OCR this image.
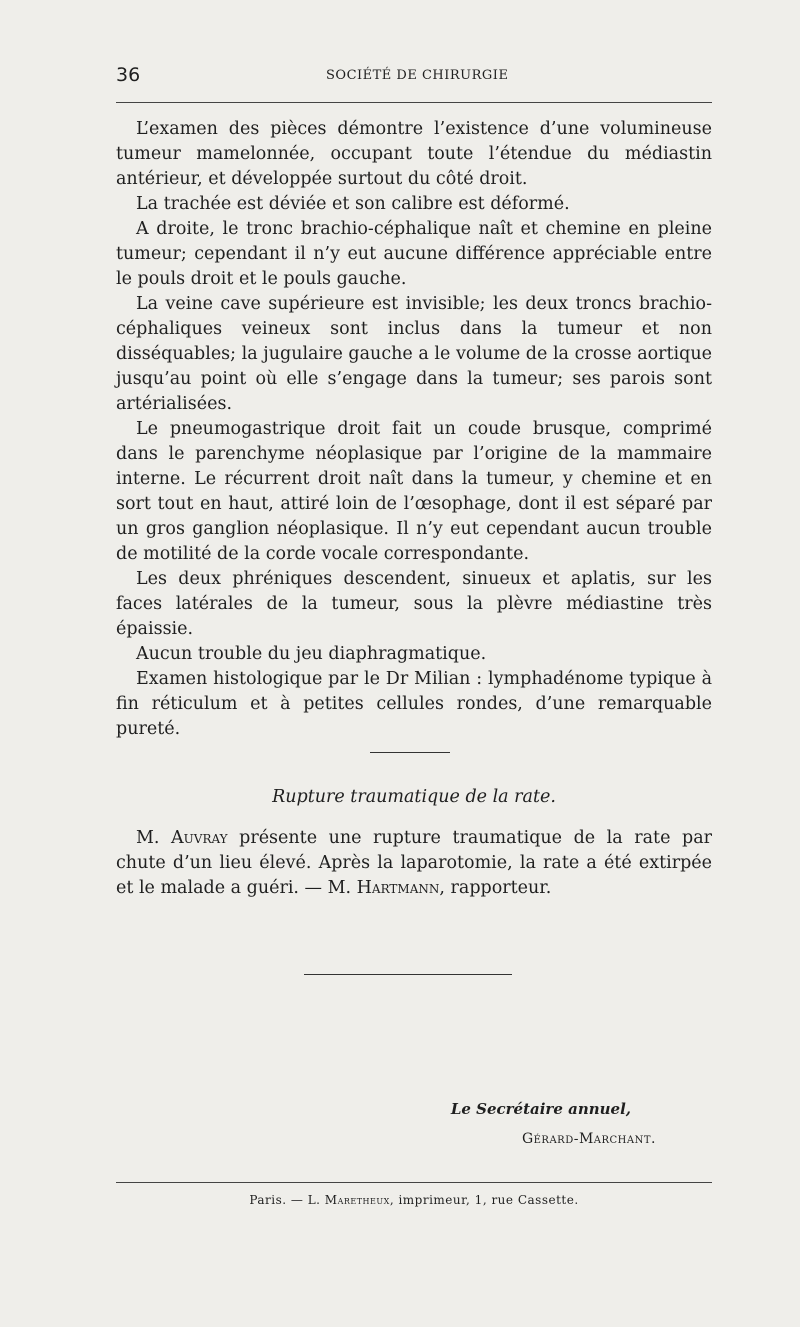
36	SOCIÉTÉ DE CHIRURGIE

L’examen des pièces démontre l’existence d’une volumineuse tumeur mamelonnée, occupant toute l’étendue du médiastin antérieur, et développée surtout du côté droit.

La trachée est déviée et son calibre est déformé.

A droite, le tronc brachio-céphalique naît et chemine en pleine tumeur; cependant il n’y eut aucune différence appréciable entre le pouls droit et le pouls gauche.

La veine cave supérieure est invisible; les deux troncs brachio-céphaliques veineux sont inclus dans la tumeur et non disséquables; la jugulaire gauche a le volume de la crosse aortique jusqu’au point où elle s’engage dans la tumeur; ses parois sont artérialisées.

Le pneumogastrique droit fait un coude brusque, comprimé dans le parenchyme néoplasique par l’origine de la mammaire interne. Le récurrent droit naît dans la tumeur, y chemine et en sort tout en haut, attiré loin de l’œsophage, dont il est séparé par un gros ganglion néoplasique. Il n’y eut cependant aucun trouble de motilité de la corde vocale correspondante.

Les deux phréniques descendent, sinueux et aplatis, sur les faces latérales de la tumeur, sous la plèvre médiastine très épaissie.

Aucun trouble du jeu diaphragmatique.

Examen histologique par le Dr Milian : lymphadénome typique à fin réticulum et à petites cellules rondes, d’une remarquable pureté.

Rupture traumatique de la rate.

M. Auvray présente une rupture traumatique de la rate par chute d’un lieu élevé. Après la laparotomie, la rate a été extirpée et le malade a guéri. — M. Hartmann, rapporteur.

Le Secrétaire annuel,
Gérard-Marchant.
Paris. — L. Maretheux, imprimeur, 1, rue Cassette.
